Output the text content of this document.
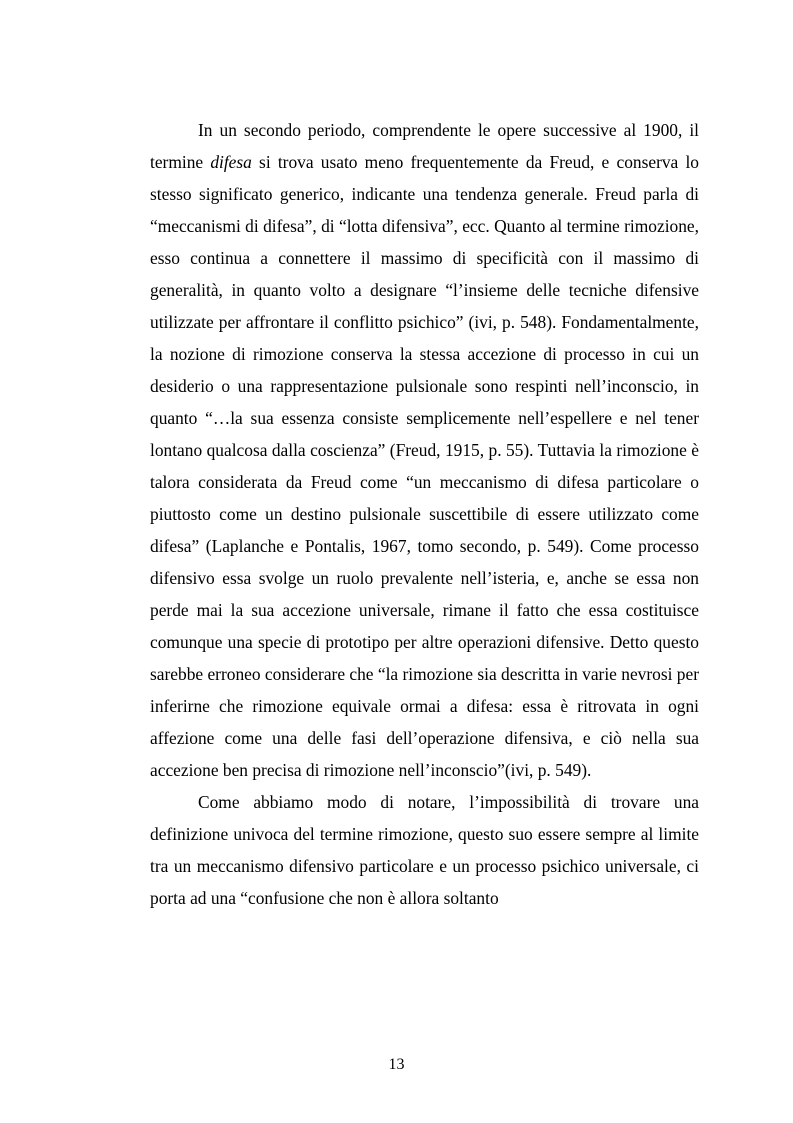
In un secondo periodo, comprendente le opere successive al 1900, il termine difesa si trova usato meno frequentemente da Freud, e conserva lo stesso significato generico, indicante una tendenza generale. Freud parla di “meccanismi di difesa”, di “lotta difensiva”, ecc. Quanto al termine rimozione, esso continua a connettere il massimo di specificità con il massimo di generalità, in quanto volto a designare “l’insieme delle tecniche difensive utilizzate per affrontare il conflitto psichico” (ivi, p. 548). Fondamentalmente, la nozione di rimozione conserva la stessa accezione di processo in cui un desiderio o una rappresentazione pulsionale sono respinti nell’inconscio, in quanto “…la sua essenza consiste semplicemente nell’espellere e nel tener lontano qualcosa dalla coscienza” (Freud, 1915, p. 55). Tuttavia la rimozione è talora considerata da Freud come “un meccanismo di difesa particolare o piuttosto come un destino pulsionale suscettibile di essere utilizzato come difesa” (Laplanche e Pontalis, 1967, tomo secondo, p. 549). Come processo difensivo essa svolge un ruolo prevalente nell’isteria, e, anche se essa non perde mai la sua accezione universale, rimane il fatto che essa costituisce comunque una specie di prototipo per altre operazioni difensive. Detto questo sarebbe erroneo considerare che “la rimozione sia descritta in varie nevrosi per inferirne che rimozione equivale ormai a difesa: essa è ritrovata in ogni affezione come una delle fasi dell’operazione difensiva, e ciò nella sua accezione ben precisa di rimozione nell’inconscio”(ivi, p. 549).

Come abbiamo modo di notare, l’impossibilità di trovare una definizione univoca del termine rimozione, questo suo essere sempre al limite tra un meccanismo difensivo particolare e un processo psichico universale, ci porta ad una “confusione che non è allora soltanto

13
